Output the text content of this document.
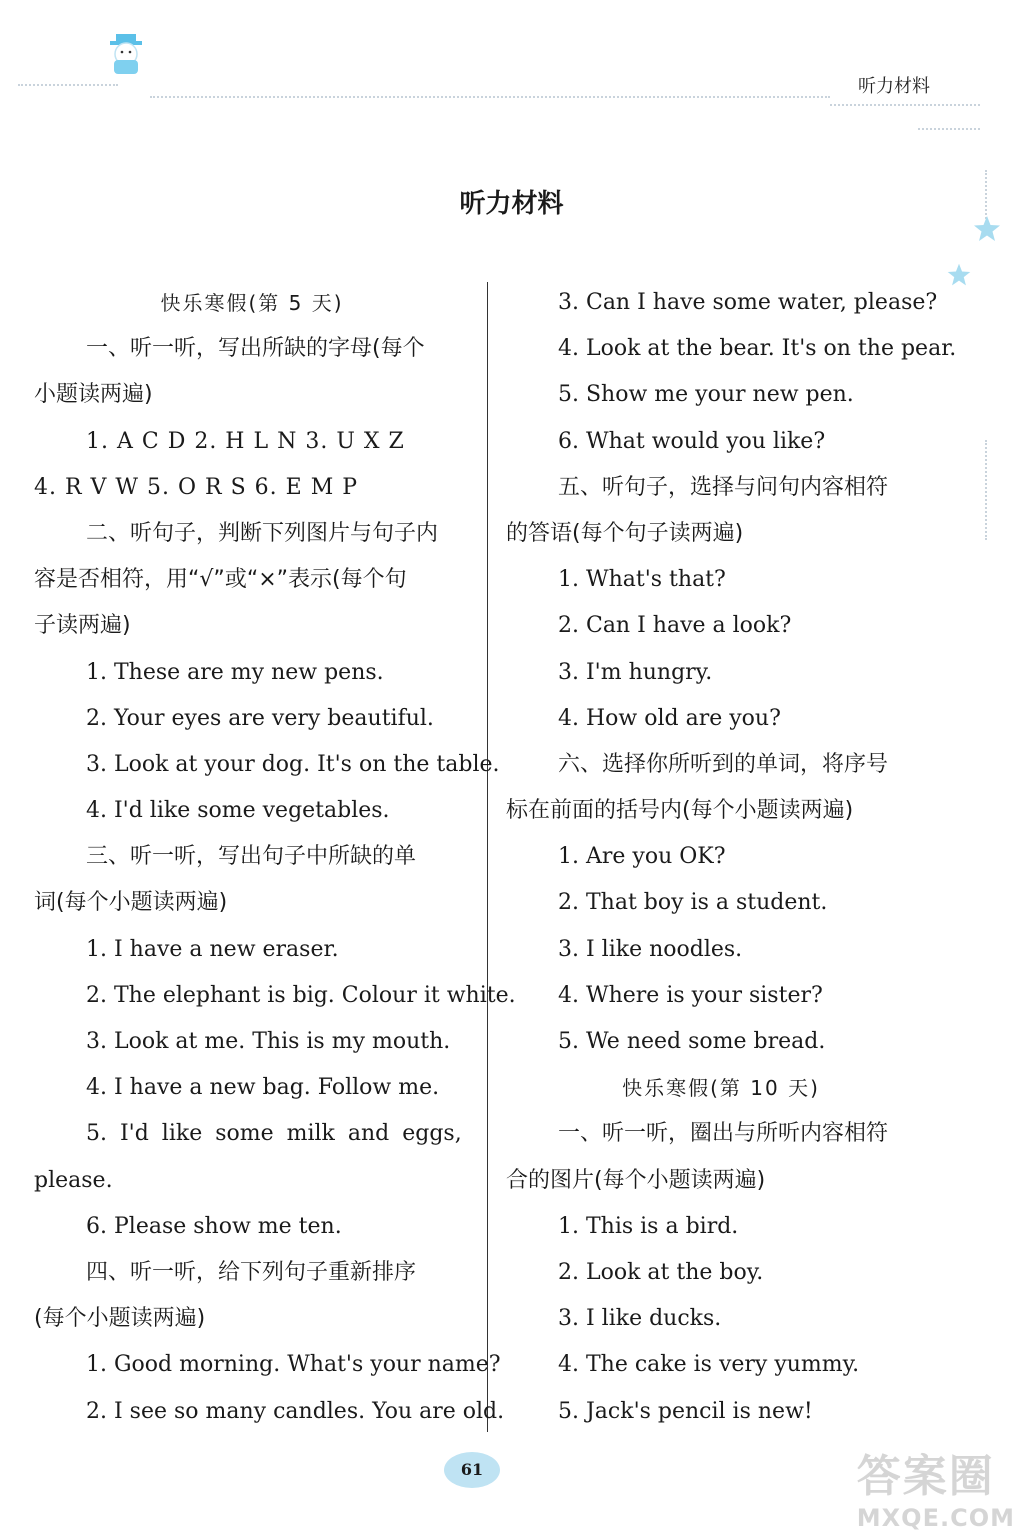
听力材料
听力材料
快乐寒假(第 5 天)
一、听一听，写出所缺的字母(每个
小题读两遍)
1. A C D 2. H L N 3. U X Z
4. R V W 5. O R S 6. E M P
二、听句子，判断下列图片与句子内
容是否相符，用“√”或“×”表示(每个句
子读两遍)
1. These are my new pens.
2. Your eyes are very beautiful.
3. Look at your dog. It's on the table.
4. I'd like some vegetables.
三、听一听，写出句子中所缺的单
词(每个小题读两遍)
1. I have a new eraser.
2. The elephant is big. Colour it white.
3. Look at me. This is my mouth.
4. I have a new bag. Follow me.
5. I'd like some milk and eggs,
please.
6. Please show me ten.
四、听一听，给下列句子重新排序
(每个小题读两遍)
1. Good morning. What's your name?
2. I see so many candles. You are old.
3. Can I have some water, please?
4. Look at the bear. It's on the pear.
5. Show me your new pen.
6. What would you like?
五、听句子，选择与问句内容相符
的答语(每个句子读两遍)
1. What's that?
2. Can I have a look?
3. I'm hungry.
4. How old are you?
六、选择你所听到的单词，将序号
标在前面的括号内(每个小题读两遍)
1. Are you OK?
2. That boy is a student.
3. I like noodles.
4. Where is your sister?
5. We need some bread.
快乐寒假(第 10 天)
一、听一听，圈出与所听内容相符
合的图片(每个小题读两遍)
1. This is a bird.
2. Look at the boy.
3. I like ducks.
4. The cake is very yummy.
5. Jack's pencil is new!
61	答案圈
MXQE.COM
